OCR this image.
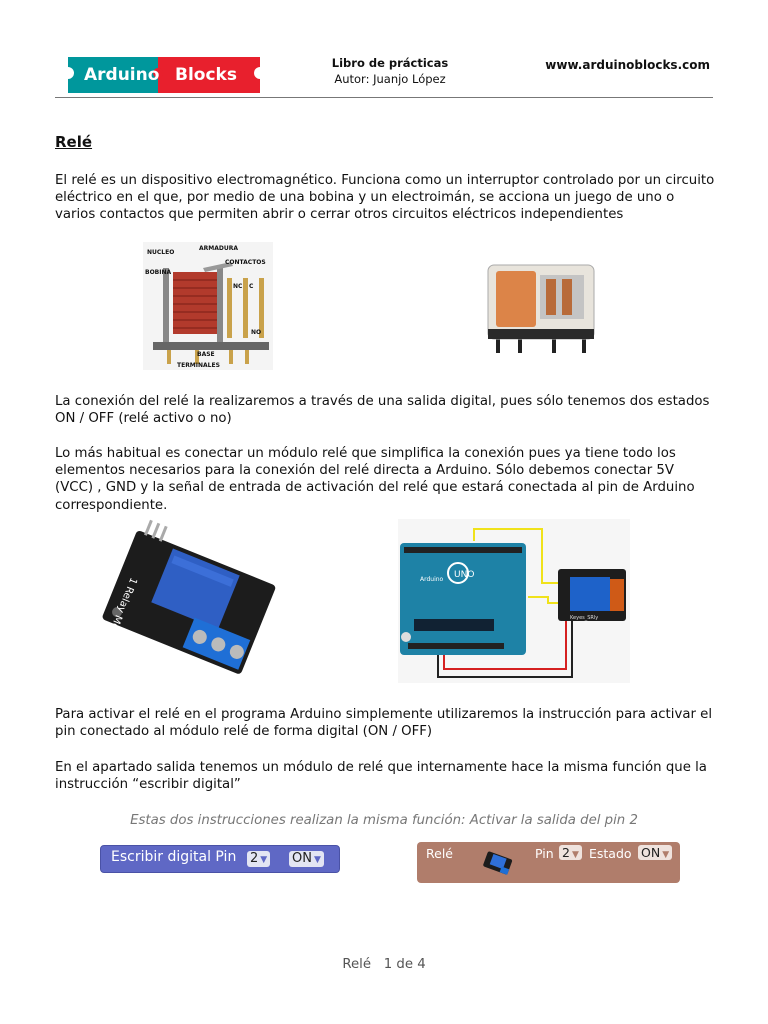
Arduino Blocks
Libro de prácticas
Autor: Juanjo López
www.arduinoblocks.com
Relé
El relé es un dispositivo electromagnético. Funciona como un interruptor controlado por un circuito eléctrico en el que, por medio de una bobina y un electroimán, se acciona un juego de uno o varios contactos que permiten abrir o cerrar otros circuitos eléctricos independientes
NUCLEO
ARMADURA
CONTACTOS
BOBINA
BASE
TERMINALES
NC C
NO
La conexión del relé la realizaremos a través de una salida digital, pues sólo tenemos dos estados ON / OFF (relé activo o no)
Lo más habitual es conectar un módulo relé que simplifica la conexión pues ya tiene todo los elementos necesarios para la conexión del relé directa a Arduino. Sólo debemos conectar 5V (VCC) , GND y la señal de entrada de activación del relé que estará conectada al pin de Arduino correspondiente.
1 Relay Module
UNO
Arduino
Keyes_SRly
Para activar el relé en el programa Arduino simplemente utilizaremos la instrucción para activar el pin conectado al módulo relé de forma digital (ON / OFF)
En el apartado salida tenemos un módulo de relé que internamente hace la misma función que la instrucción “escribir digital”
Estas dos instrucciones realizan la misma función: Activar la salida del pin 2
Escribir digital Pin 2 ▼ ON ▼	Relé	Pin 2 ▼ Estado ON ▼
Relé   1 de 4
